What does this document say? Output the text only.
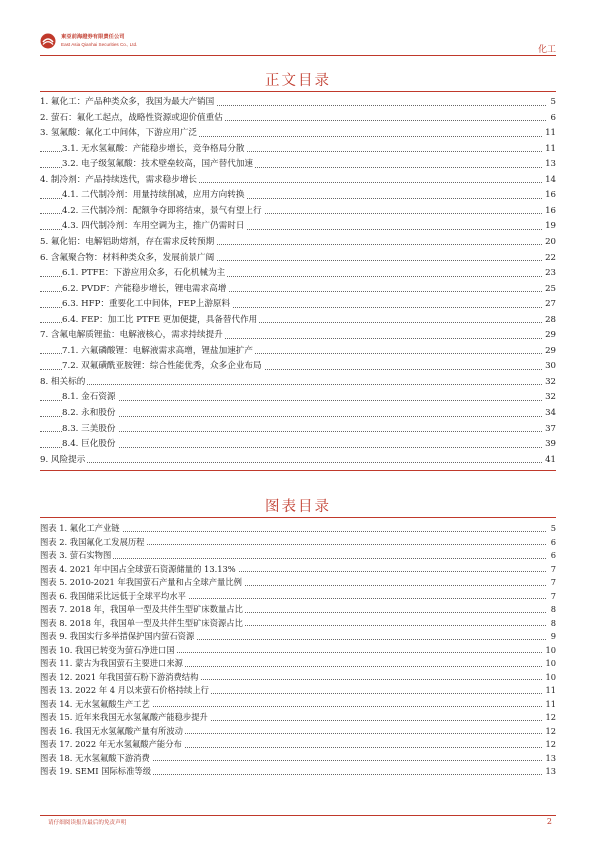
東亞前海證券有限責任公司
East Asia Qianhai Securities Co., Ltd.
化工
正文目录
1. 氟化工：产品种类众多，我国为最大产销国	5
2. 萤石：氟化工起点，战略性资源或迎价值重估	6
3. 氢氟酸：氟化工中间体，下游应用广泛	11
3.1. 无水氢氟酸：产能稳步增长，竞争格局分散	11
3.2. 电子级氢氟酸：技术壁垒较高，国产替代加速	13
4. 制冷剂：产品持续迭代，需求稳步增长	14
4.1. 二代制冷剂：用量持续削减，应用方向转换	16
4.2. 三代制冷剂：配额争夺即将结束，景气有望上行	16
4.3. 四代制冷剂：车用空调为主，推广仍需时日	19
5. 氟化铝：电解铝助熔剂，存在需求反转预期	20
6. 含氟聚合物：材料种类众多，发展前景广阔	22
6.1. PTFE：下游应用众多，石化机械为主	23
6.2. PVDF：产能稳步增长，锂电需求高增	25
6.3. HFP：重要化工中间体，FEP上游原料	27
6.4. FEP：加工比 PTFE 更加便捷，具备替代作用	28
7. 含氟电解质锂盐：电解液核心，需求持续提升	29
7.1. 六氟磷酸锂：电解液需求高增，锂盐加速扩产	29
7.2. 双氟磺酰亚胺锂：综合性能优秀，众多企业布局	30
8. 相关标的	32
8.1. 金石资源	32
8.2. 永和股份	34
8.3. 三美股份	37
8.4. 巨化股份	39
9. 风险提示	41
图表目录
图表 1. 氟化工产业链	5
图表 2. 我国氟化工发展历程	6
图表 3. 萤石实物图	6
图表 4. 2021 年中国占全球萤石资源储量的 13.13%	7
图表 5. 2010-2021 年我国萤石产量和占全球产量比例	7
图表 6. 我国储采比远低于全球平均水平	7
图表 7. 2018 年，我国单一型及共伴生型矿床数量占比	8
图表 8. 2018 年，我国单一型及共伴生型矿床资源占比	8
图表 9. 我国实行多举措保护国内萤石资源	9
图表 10. 我国已转变为萤石净进口国	10
图表 11. 蒙古为我国萤石主要进口来源	10
图表 12. 2021 年我国萤石粉下游消费结构	10
图表 13. 2022 年 4 月以来萤石价格持续上行	11
图表 14. 无水氢氟酸生产工艺	11
图表 15. 近年来我国无水氢氟酸产能稳步提升	12
图表 16. 我国无水氢氟酸产量有所波动	12
图表 17. 2022 年无水氢氟酸产能分布	12
图表 18. 无水氢氟酸下游消费	13
图表 19. SEMI 国际标准等级	13
请仔细阅读报告最后的免责声明	2
